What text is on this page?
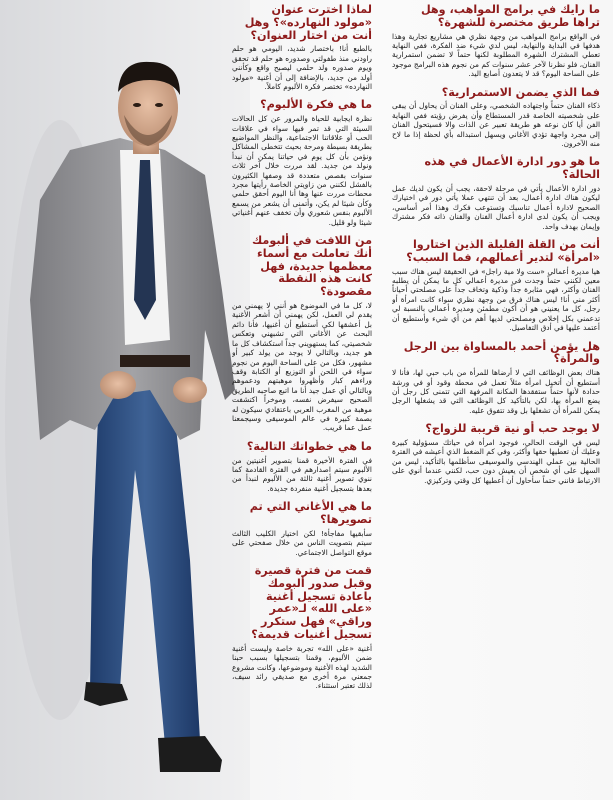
لماذا اخترت عنوان «مولود النهارده»؟ وهل أنت من اختار العنوان؟

بالطبع أنا! باختصار شديد، اليومي هو حلم راودني منذ طفولتي وصدوره هو حلم قد تحقق ويوم صدوره ولد حلمي ليصبح واقع وكأنني أولد من جديد، بالإضافة إلى أن أغنية «مولود النهارده» تختصر فكرة الألبوم كاملاً.

ما هي فكرة الألبوم؟

نظرة ايجابية للحياة والمرور عن كل الحالات السيئة التي قد تمر فيها سواء في علاقات الحب أو علاقاتنا الاجتماعية، والنظر المواضيع بطريقة بسيطة ومرحة بحيث تتخطى المشاكل ونؤمن بأن كل يوم في حياتنا يمكن أن نبدأ ونولد من جديد. لقد مررت خلال آخر ثلاث سنوات بقصص متعددة قد وصفها الكثيرون بالفشل لكنني من زاويتي الخاصة رأيتها مجرد محطات مررت عنها وها أنا اليوم أحقق حلمي وكأن شيئا لم يكن، وأتمنى أن يشعر من يسمع الألبوم بنفس شعوري وأن تخفف عنهم أغنياتي شيئا ولو قليل.

من اللافت في ألبومك أنك تعاملت مع أسماء معظمها جديدة، فهل كانت هذه النقطة مقصودة؟

لا، كل ما في الموضوع هو أنني لا يهمني من يقدم لي العمل، لكن يهمني أن أشعر الأغنية بل أعشقها لكي أستطيع أن أغنيها، فأنا دائم البحث عن الأغاني التي تشبهني وتعكس شخصيتي، كما يستهويني جداً استكشاف كل ما هو جديد، وبالتالي لا يوجد من يولد كبير أو مشهور، فكل من على الساحة اليوم من نجوم سواء في اللحن أو التوزيع أو الكتابة وقف وراءهم كبار وأظهروا موهبتهم ودعموهم وبالتالي أي عمل جيد أنا ما اتبع صاحبه الطريق الصحيح سيفرض نفسه، وموخراً اكتشفت موهبة من المغرب العربي باعتقادي سيكون له بصمة كبيرة في عالم الموسيقى وسيجمعنا عمل عما قريب.

ما هي خطواتك التالية؟

في الفترة الأخيرة قمنا بتصوير أغنيتين من الألبوم سيتم اصدارهم في الفترة القادمة كما ننوي تصوير أغنية ثالثة من الألبوم لنبدأ من بعدها بتسجيل أغنية منفردة جديدة.

ما هي الأغاني التي تم تصويرها؟

سأبقيها مفاجأة! لكن اختيار الكليب الثالث سيتم بتصويت الناس من خلال صفحتي على موقع التواصل الاجتماعي.

قمت من فترة قصيرة وقبل صدور ألبومك باعادة تسجيل أغنية «على الله» لـ«عمر وراقي» فهل ستكرر تسجيل أغنيات قديمة؟

أغنية «على الله» تجربة خاصة وليست أغنية ضمن الألبوم، وقمنا بتسجيلها بسبب حبنا الشديد لهذه الأغنية وموضوعها، وكانت مشروع جمعني مرة أخرى مع صديقي رائد سيف، لذلك تعتبر استثناء.

ما رأيك في برامج المواهب، وهل تراها طريق مختصرة للشهرة؟

في الواقع برامج المواهب من وجهة نظري هي مشاريع تجارية وهذا هدفها في البداية والنهاية، ليس لدي شيء ضد الفكرة، ففي النهاية تعطي المشترك الشهرة المطلوبة لكنها حتماً لا تضمن استمرارية الفنان، فلو نظرنا لآخر عشر سنوات كم من نجوم هذه البرامج موجود على الساحة اليوم؟ قد لا يتعدون أصابع اليد.

فما الذي يضمن الاستمرارية؟

ذكاء الفنان حتماً واجتهاده الشخصي، وعلى الفنان أن يحاول أن يبقى على شخصيته الخاصة قدر المستطاع وأن يفرض رؤيته ففي النهاية الفن أيا كان نوعه هو طريقة تعبير عن الذات والا فسيتحول الفنان إلى مجرد واجهة تؤدي الأغاني ويسهل استبداله بأي لحظة إذا ما لاح منه الآخرون.

ما هو دور ادارة الأعمال في هذه الحالة؟

دور ادارة الأعمال يأتي في مرحلة لاحقة، يجب أن يكون لديك عمل ليكون هناك ادارة أعمال، بعد أن تنتهي عملا يأتي دور في اختيارك الصحيح لادارة أعمال تناسبك وتستوعب فكرك وهذا أمر أساسي، ويجب أن يكون لدى ادارة أعمال الفنان والفنان ذاته فكر مشترك وإيمان بهدف واحد.

أنت من القلة القليلة الذين اختاروا «امرأة» لتدير أعمالهم، فما السبب؟

هيا مديرة أعمالي «ست ولا مية راجل» في الحقيقة ليس هناك سبب معين لكنني حتماً وجدت في مديرة أعمالي كل ما يمكن أن يطلبه الفنان وأكثر، فهي مثابرة جداً وذكية وتخاف جداً على مصلحتي أحياناً أكثر مني أنا! ليس هناك فرق من وجهة نظري سواء كانت امرأة أو رجل، كل ما يعنيني هو أن أكون مطمئن ومديرة أعمالي بالنسبة لي تدعمني بكل إخلاص ومصلحتي لديها أهم من أي شيء وأستطيع أن أعتمد عليها في أدق التفاصيل.

هل يؤمن أحمد بالمساواة بين الرجل والمرأة؟

هناك بعض الوظائف التي لا أرضاها للمرأة من باب حبي لها، فأنا لا أستطيع أن أتخيل امرأة مثلاً تعمل في محطة وقود أو في ورشة حدادة لأنها حتماً ستفقدها المكانة المرفهة التي تتمنى كل رجل أن يضع المرأة بها، لكن بالتأكيد كل الوظائف التي قد يشغلها الرجل يمكن للمرأة أن تشغلها بل وقد تتفوق عليه.

لا يوجد حب أو نية قريبة للزواج؟

ليس في الوقت الحالي، فوجود امرأة في حياتك مسؤولية كبيرة وعليك أن تعطيها حقها وأكثر، وفي كم الضغط الذي أعيشه في الفترة الحالية بين عملي الهندسي والموسيقى سأظلمها بالتأكيد، ليس من السهل على أي شخص أن يعيش دون حب، لكنني عندما أنوي على الارتباط فانني حتماً سأحاول أن أعطيها كل وقتي وتركيزي.
